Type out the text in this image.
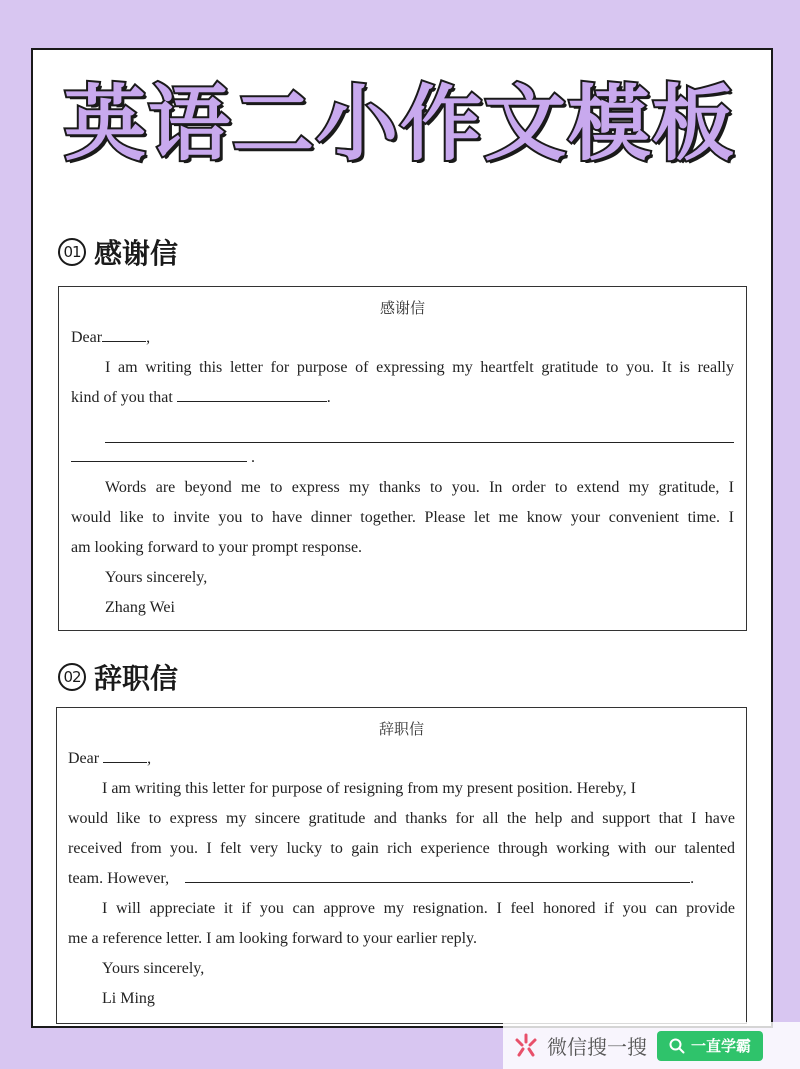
英语二小作文模板
01 感谢信
感谢信
Dear	,
I am writing this letter for purpose of expressing my heartfelt gratitude to you. It is really
kind of you that	.
.
Words are beyond me to express my thanks to you. In order to extend my gratitude, I
would like to invite you to have dinner together. Please let me know your convenient time. I
am looking forward to your prompt response.
Yours sincerely,
Zhang Wei
02 辞职信
辞职信
Dear	,
I am writing this letter for purpose of resigning from my present position. Hereby, I
would like to express my sincere gratitude and thanks for all the help and support that I have
received from you. I felt very lucky to gain rich experience through working with our talented
team. However,	.
I will appreciate it if you can approve my resignation. I feel honored if you can provide
me a reference letter. I am looking forward to your earlier reply.
Yours sincerely,
Li Ming
微信搜一搜	一直学霸
